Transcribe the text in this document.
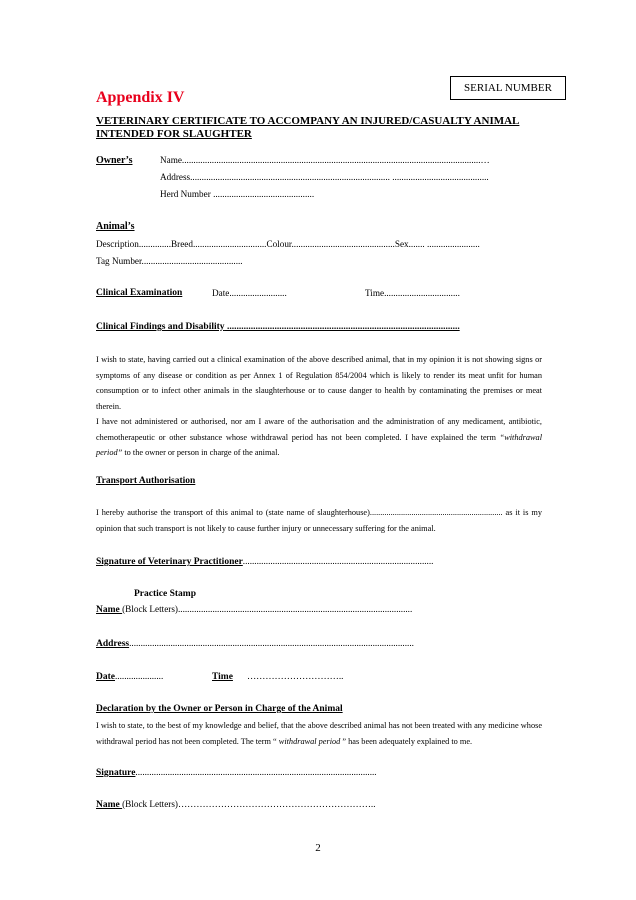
SERIAL NUMBER
Appendix IV
VETERINARY CERTIFICATE TO ACCOMPANY AN INJURED/CASUALTY ANIMAL
INTENDED FOR SLAUGHTER
Owner’s	Name..................................................................................................................................…
Address....................................................................................... ..........................................
Herd Number ............................................
Animal’s
Description..............Breed................................Colour.............................................Sex....... .......................
Tag Number............................................
Clinical Examination	Date.........................	Time.................................
Clinical Findings and Disability ..................................................................................................
I wish to state, having carried out a clinical examination of the above described animal, that in my opinion it is not showing signs or symptoms of any disease or condition as per Annex 1 of Regulation 854/2004 which is likely to render its meat unfit for human consumption or to infect other animals in the slaughterhouse or to cause danger to health by contaminating the premises or meat therein.
I have not administered or authorised, nor am I aware of the authorisation and the administration of any medicament, antibiotic, chemotherapeutic or other substance whose withdrawal period has not been completed. I have explained the term “withdrawal period” to the owner or person in charge of the animal.
Transport Authorisation
I hereby authorise the transport of this animal to (state name of slaughterhouse)................................................................ as it is my opinion that such transport is not likely to cause further injury or unnecessary suffering for the animal.
Signature of Veterinary Practitioner...................................................................................
Practice Stamp
Name (Block Letters)......................................................................................................
Address............................................................................................................................
Date.....................	Time …………………………..
Declaration by the Owner or Person in Charge of the Animal
I wish to state, to the best of my knowledge and belief, that the above described animal has not been treated with any medicine whose withdrawal period has not been completed. The term “ withdrawal period ” has been adequately explained to me.
Signature.........................................................................................................
Name (Block Letters)………………………………………………………..
2
